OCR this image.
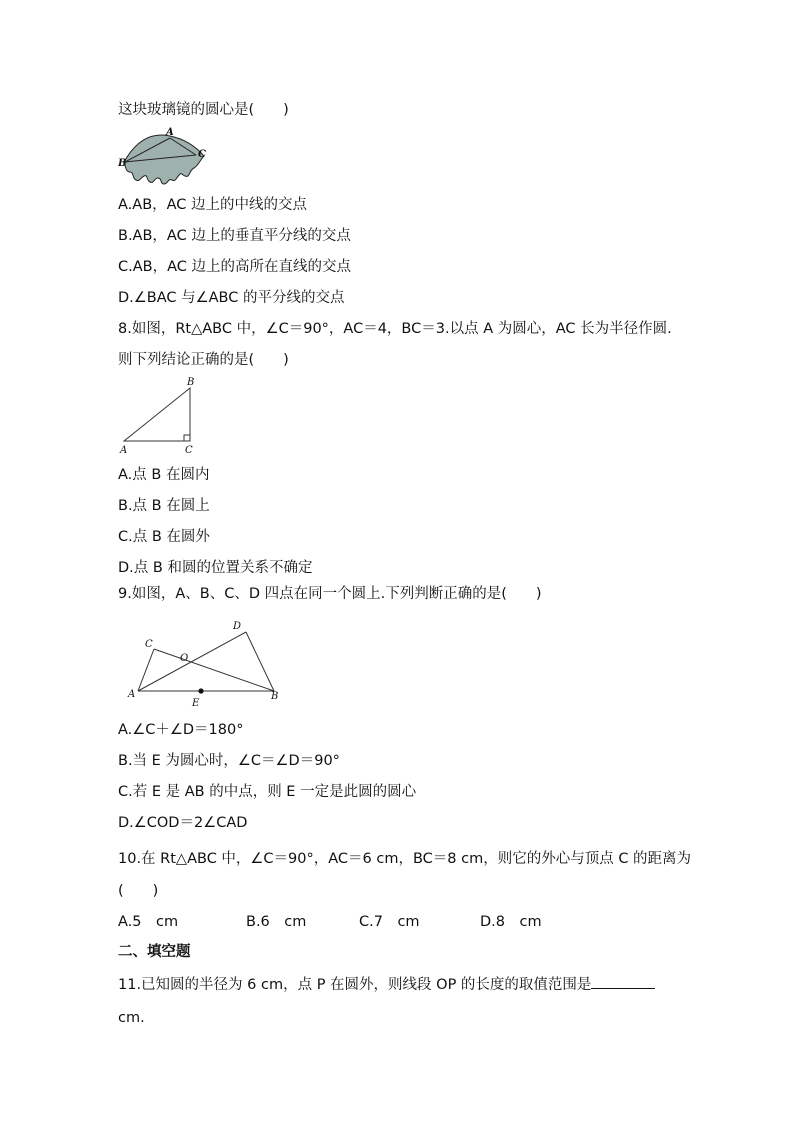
这块玻璃镜的圆心是(　　)
A
B
C
A.AB，AC 边上的中线的交点
B.AB，AC 边上的垂直平分线的交点
C.AB，AC 边上的高所在直线的交点
D.∠BAC 与∠ABC 的平分线的交点
8.如图，Rt△ABC 中，∠C＝90°，AC＝4，BC＝3.以点 A 为圆心，AC 长为半径作圆.
则下列结论正确的是(　　)
A
B
C
A.点 B 在圆内
B.点 B 在圆上
C.点 B 在圆外
D.点 B 和圆的位置关系不确定
9.如图，A、B、C、D 四点在同一个圆上.下列判断正确的是(　　)
A	B
C
D
O
E
A.∠C＋∠D＝180°
B.当 E 为圆心时，∠C＝∠D＝90°
C.若 E 是 AB 的中点，则 E 一定是此圆的圆心
D.∠COD＝2∠CAD
10.在 Rt△ABC 中，∠C＝90°，AC＝6 cm，BC＝8 cm，则它的外心与顶点 C 的距离为
(　　)
A.5　cm	B.6　cm	C.7　cm	D.8　cm
二、填空题
11.已知圆的半径为 6 cm，点 P 在圆外，则线段 OP 的长度的取值范围是
cm.
